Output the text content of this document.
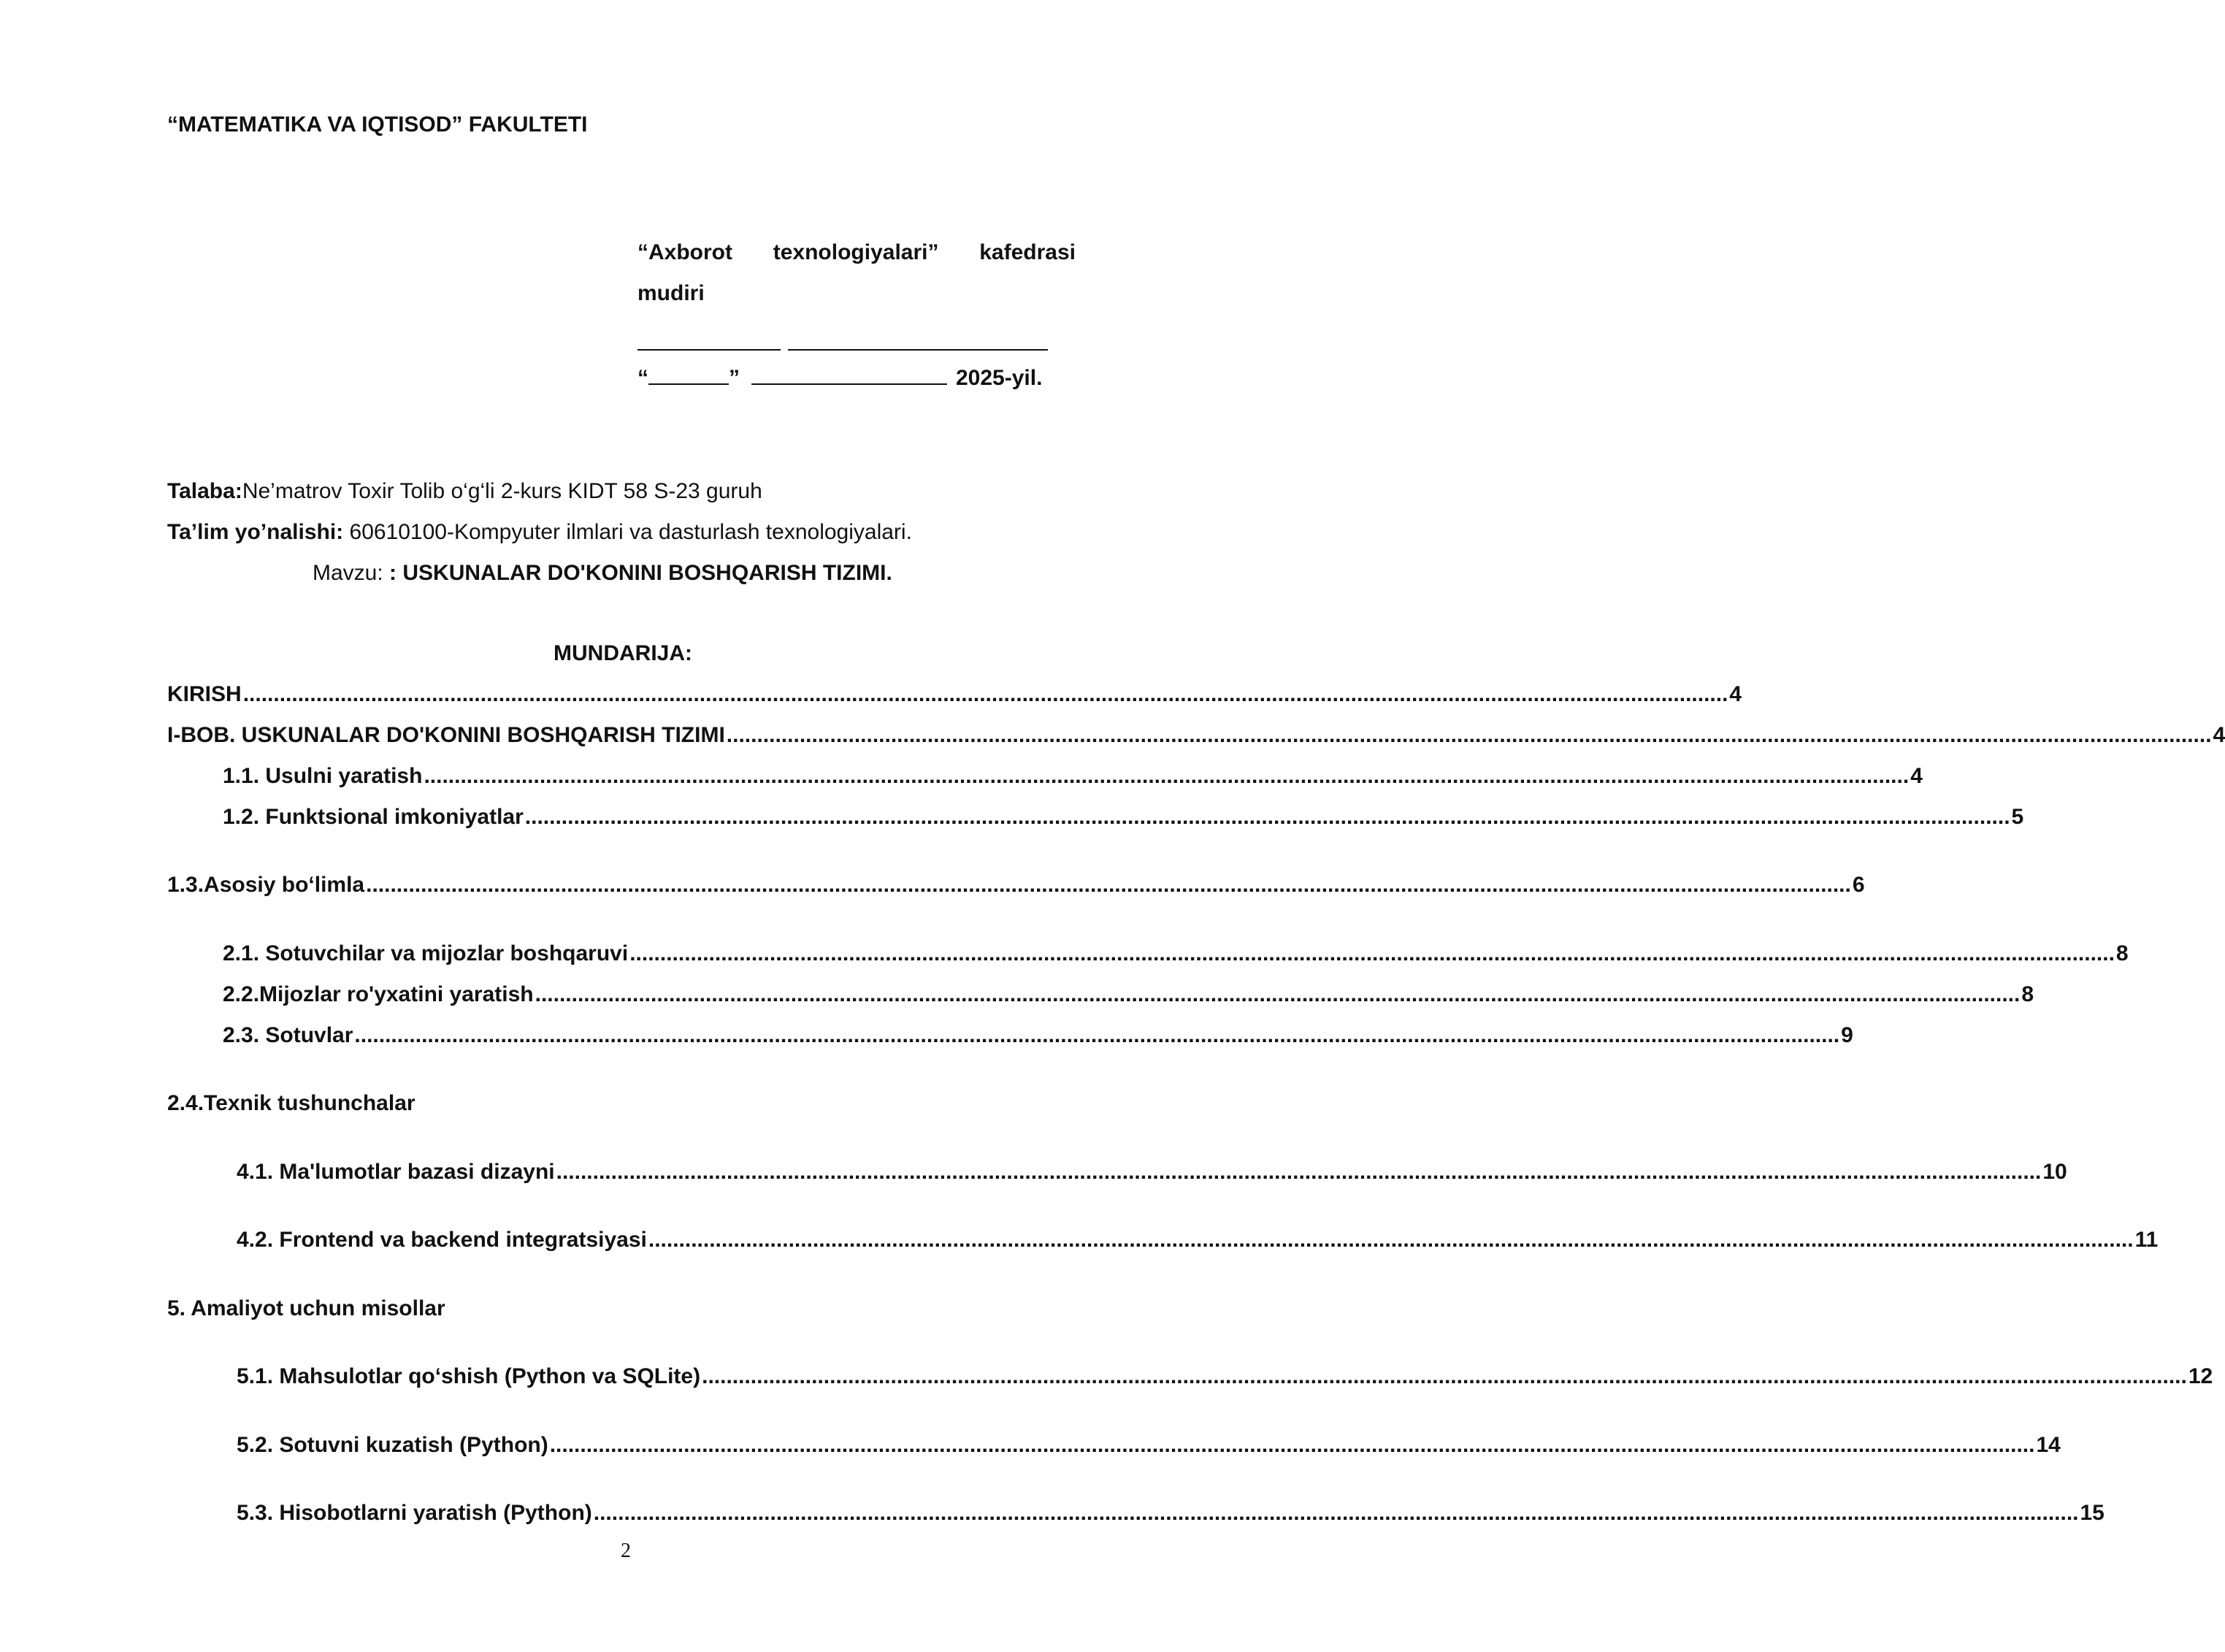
“MATEMATIKA VA IQTISOD” FAKULTETI
“Axborot texnologiyalari” kafedrasi
mudiri
“	”	2025-yil.
Talaba:Ne’matrov Toxir Tolib o‘g‘li 2-kurs KIDT 58 S-23 guruh
Ta’lim yo’nalishi: 60610100-Kompyuter ilmlari va dasturlash texnologiyalari.
Mavzu: : USKUNALAR DO'KONINI BOSHQARISH TIZIMI.
MUNDARIJA:
KIRISH .................................................................................................................................................................................................................................................... 4
I-BOB. USKUNALAR DO'KONINI BOSHQARISH TIZIMI .................................................................................................................................................................................................................................................... 4
1.1. Usulni yaratish .................................................................................................................................................................................................................................................... 4
1.2. Funktsional imkoniyatlar .................................................................................................................................................................................................................................................... 5
1.3.Asosiy bo‘limla .................................................................................................................................................................................................................................................... 6
2.1. Sotuvchilar va mijozlar boshqaruvi .................................................................................................................................................................................................................................................... 8
2.2.Mijozlar ro'yxatini yaratish .................................................................................................................................................................................................................................................... 8
2.3. Sotuvlar .................................................................................................................................................................................................................................................... 9
2.4.Texnik tushunchalar
4.1. Ma'lumotlar bazasi dizayni .................................................................................................................................................................................................................................................... 10
4.2. Frontend va backend integratsiyasi .................................................................................................................................................................................................................................................... 11
5. Amaliyot uchun misollar
5.1. Mahsulotlar qo‘shish (Python va SQLite) .................................................................................................................................................................................................................................................... 12
5.2. Sotuvni kuzatish (Python) .................................................................................................................................................................................................................................................... 14
5.3. Hisobotlarni yaratish (Python) .................................................................................................................................................................................................................................................... 15
2
